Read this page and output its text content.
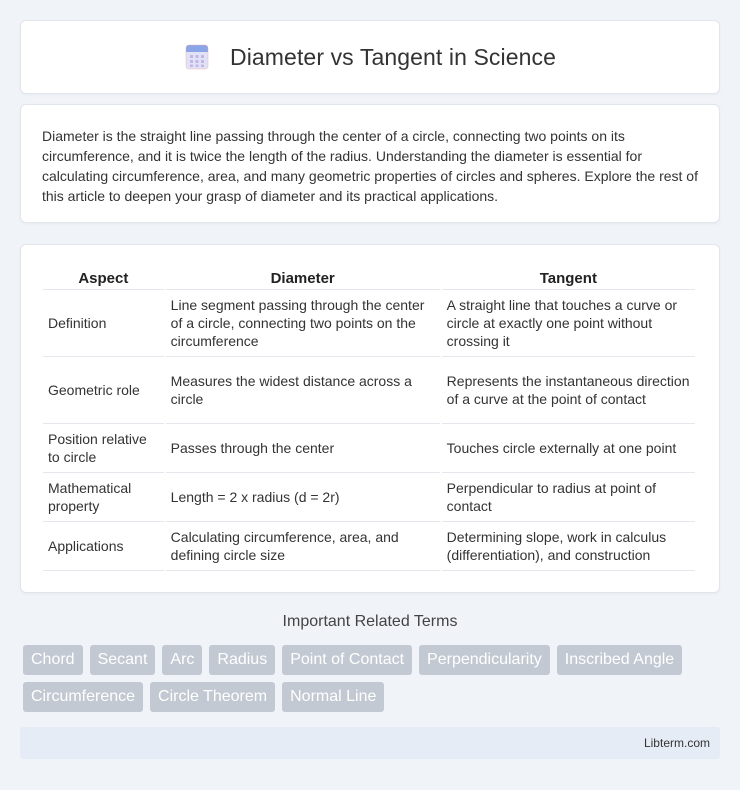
Diameter vs Tangent in Science

Diameter is the straight line passing through the center of a circle, connecting two points on its circumference, and it is twice the length of the radius. Understanding the diameter is essential for calculating circumference, area, and many geometric properties of circles and spheres. Explore the rest of this article to deepen your grasp of diameter and its practical applications.

Aspect	Diameter	Tangent
Definition	Line segment passing through the center of a circle, connecting two points on the circumference	A straight line that touches a curve or circle at exactly one point without crossing it
Geometric role	Measures the widest distance across a circle	Represents the instantaneous direction of a curve at the point of contact
Position relative to circle	Passes through the center	Touches circle externally at one point
Mathematical property	Length = 2 x radius (d = 2r)	Perpendicular to radius at point of contact
Applications	Calculating circumference, area, and defining circle size	Determining slope, work in calculus (differentiation), and construction
Important Related Terms
Chord	Secant	Arc	Radius	Point of Contact	Perpendicularity	Inscribed Angle
Circumference	Circle Theorem	Normal Line
Libterm.com
